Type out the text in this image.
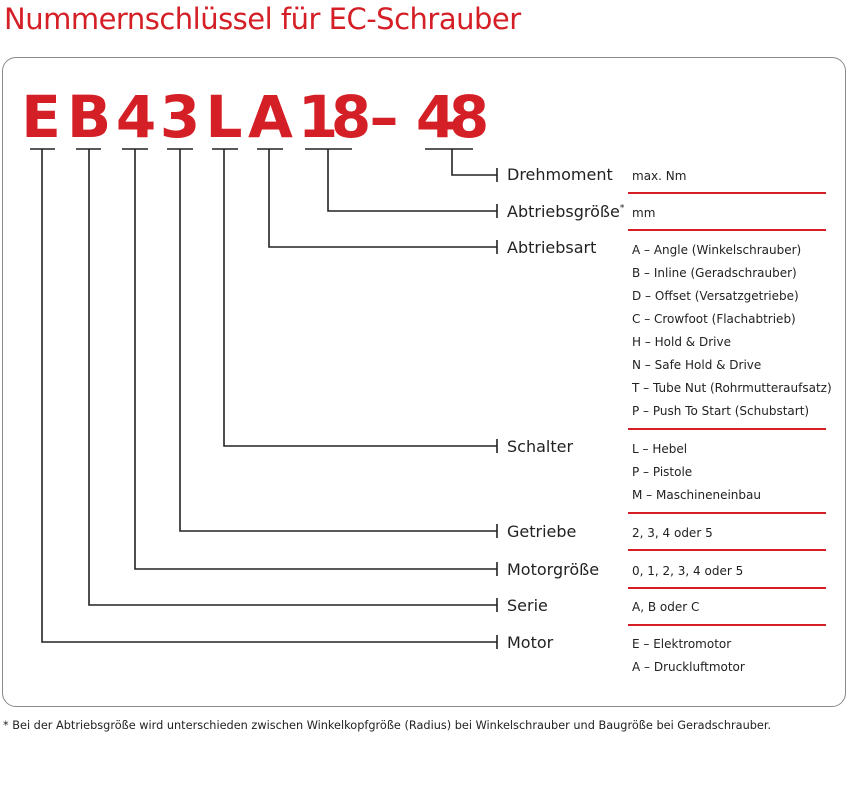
Nummernschlüssel für EC-Schrauber
E B 4 3 L A 1
8
– 4
8
Drehmoment
Abtriebsgröße*
Abtriebsart
Schalter
Getriebe
Motorgröße
Serie
Motor
max. Nm
mm
A – Angle (Winkelschrauber)
B – Inline (Geradschrauber)
D – Offset (Versatzgetriebe)
C – Crowfoot (Flachabtrieb)
H – Hold & Drive
N – Safe Hold & Drive
T – Tube Nut (Rohrmutteraufsatz)
P – Push To Start (Schubstart)
L – Hebel
P – Pistole
M – Maschineneinbau
2, 3, 4 oder 5
0, 1, 2, 3, 4 oder 5
A, B oder C
E – Elektromotor
A – Druckluftmotor
* Bei der Abtriebsgröße wird unterschieden zwischen Winkelkopfgröße (Radius) bei Winkelschrauber und Baugröße bei Geradschrauber.
